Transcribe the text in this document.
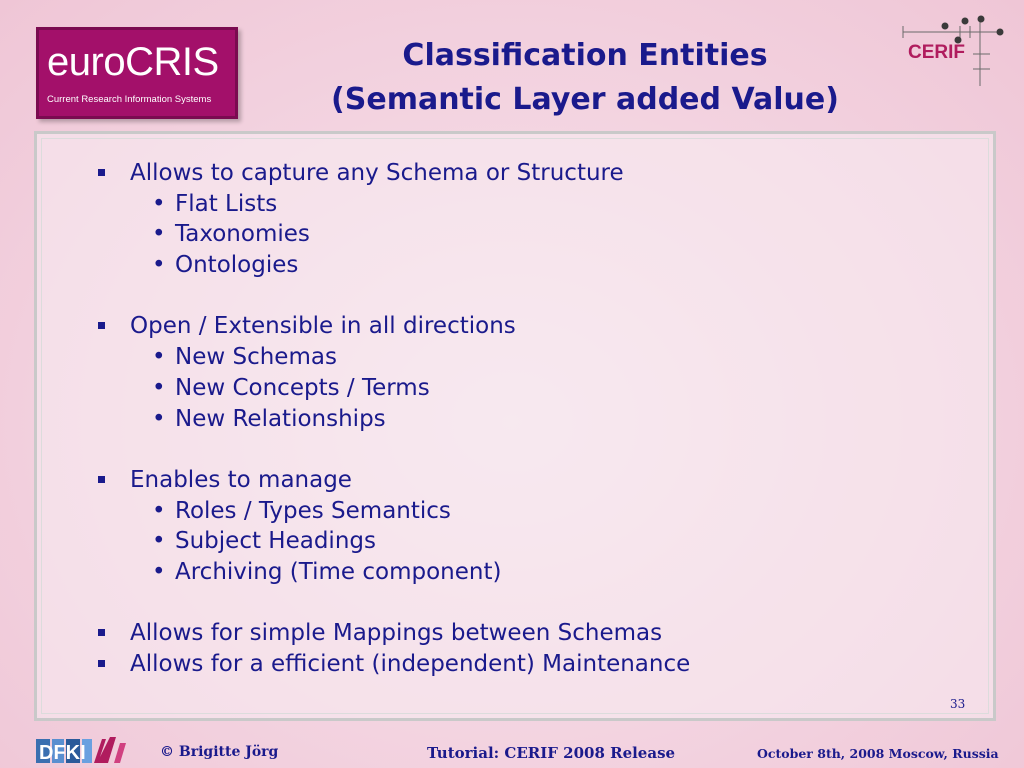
euroCRIS
Current Research Information Systems
Classification Entities
(Semantic Layer added Value)
CERIF
Allows to capture any Schema or Structure
• Flat Lists
• Taxonomies
• Ontologies
Open / Extensible in all directions
• New Schemas
• New Concepts / Terms
• New Relationships
Enables to manage
• Roles / Types Semantics
• Subject Headings
• Archiving (Time component)
Allows for simple Mappings between Schemas
Allows for a efficient (independent) Maintenance
33
DFKI	© Brigitte Jörg	Tutorial: CERIF 2008 Release	October 8th, 2008 Moscow, Russia
